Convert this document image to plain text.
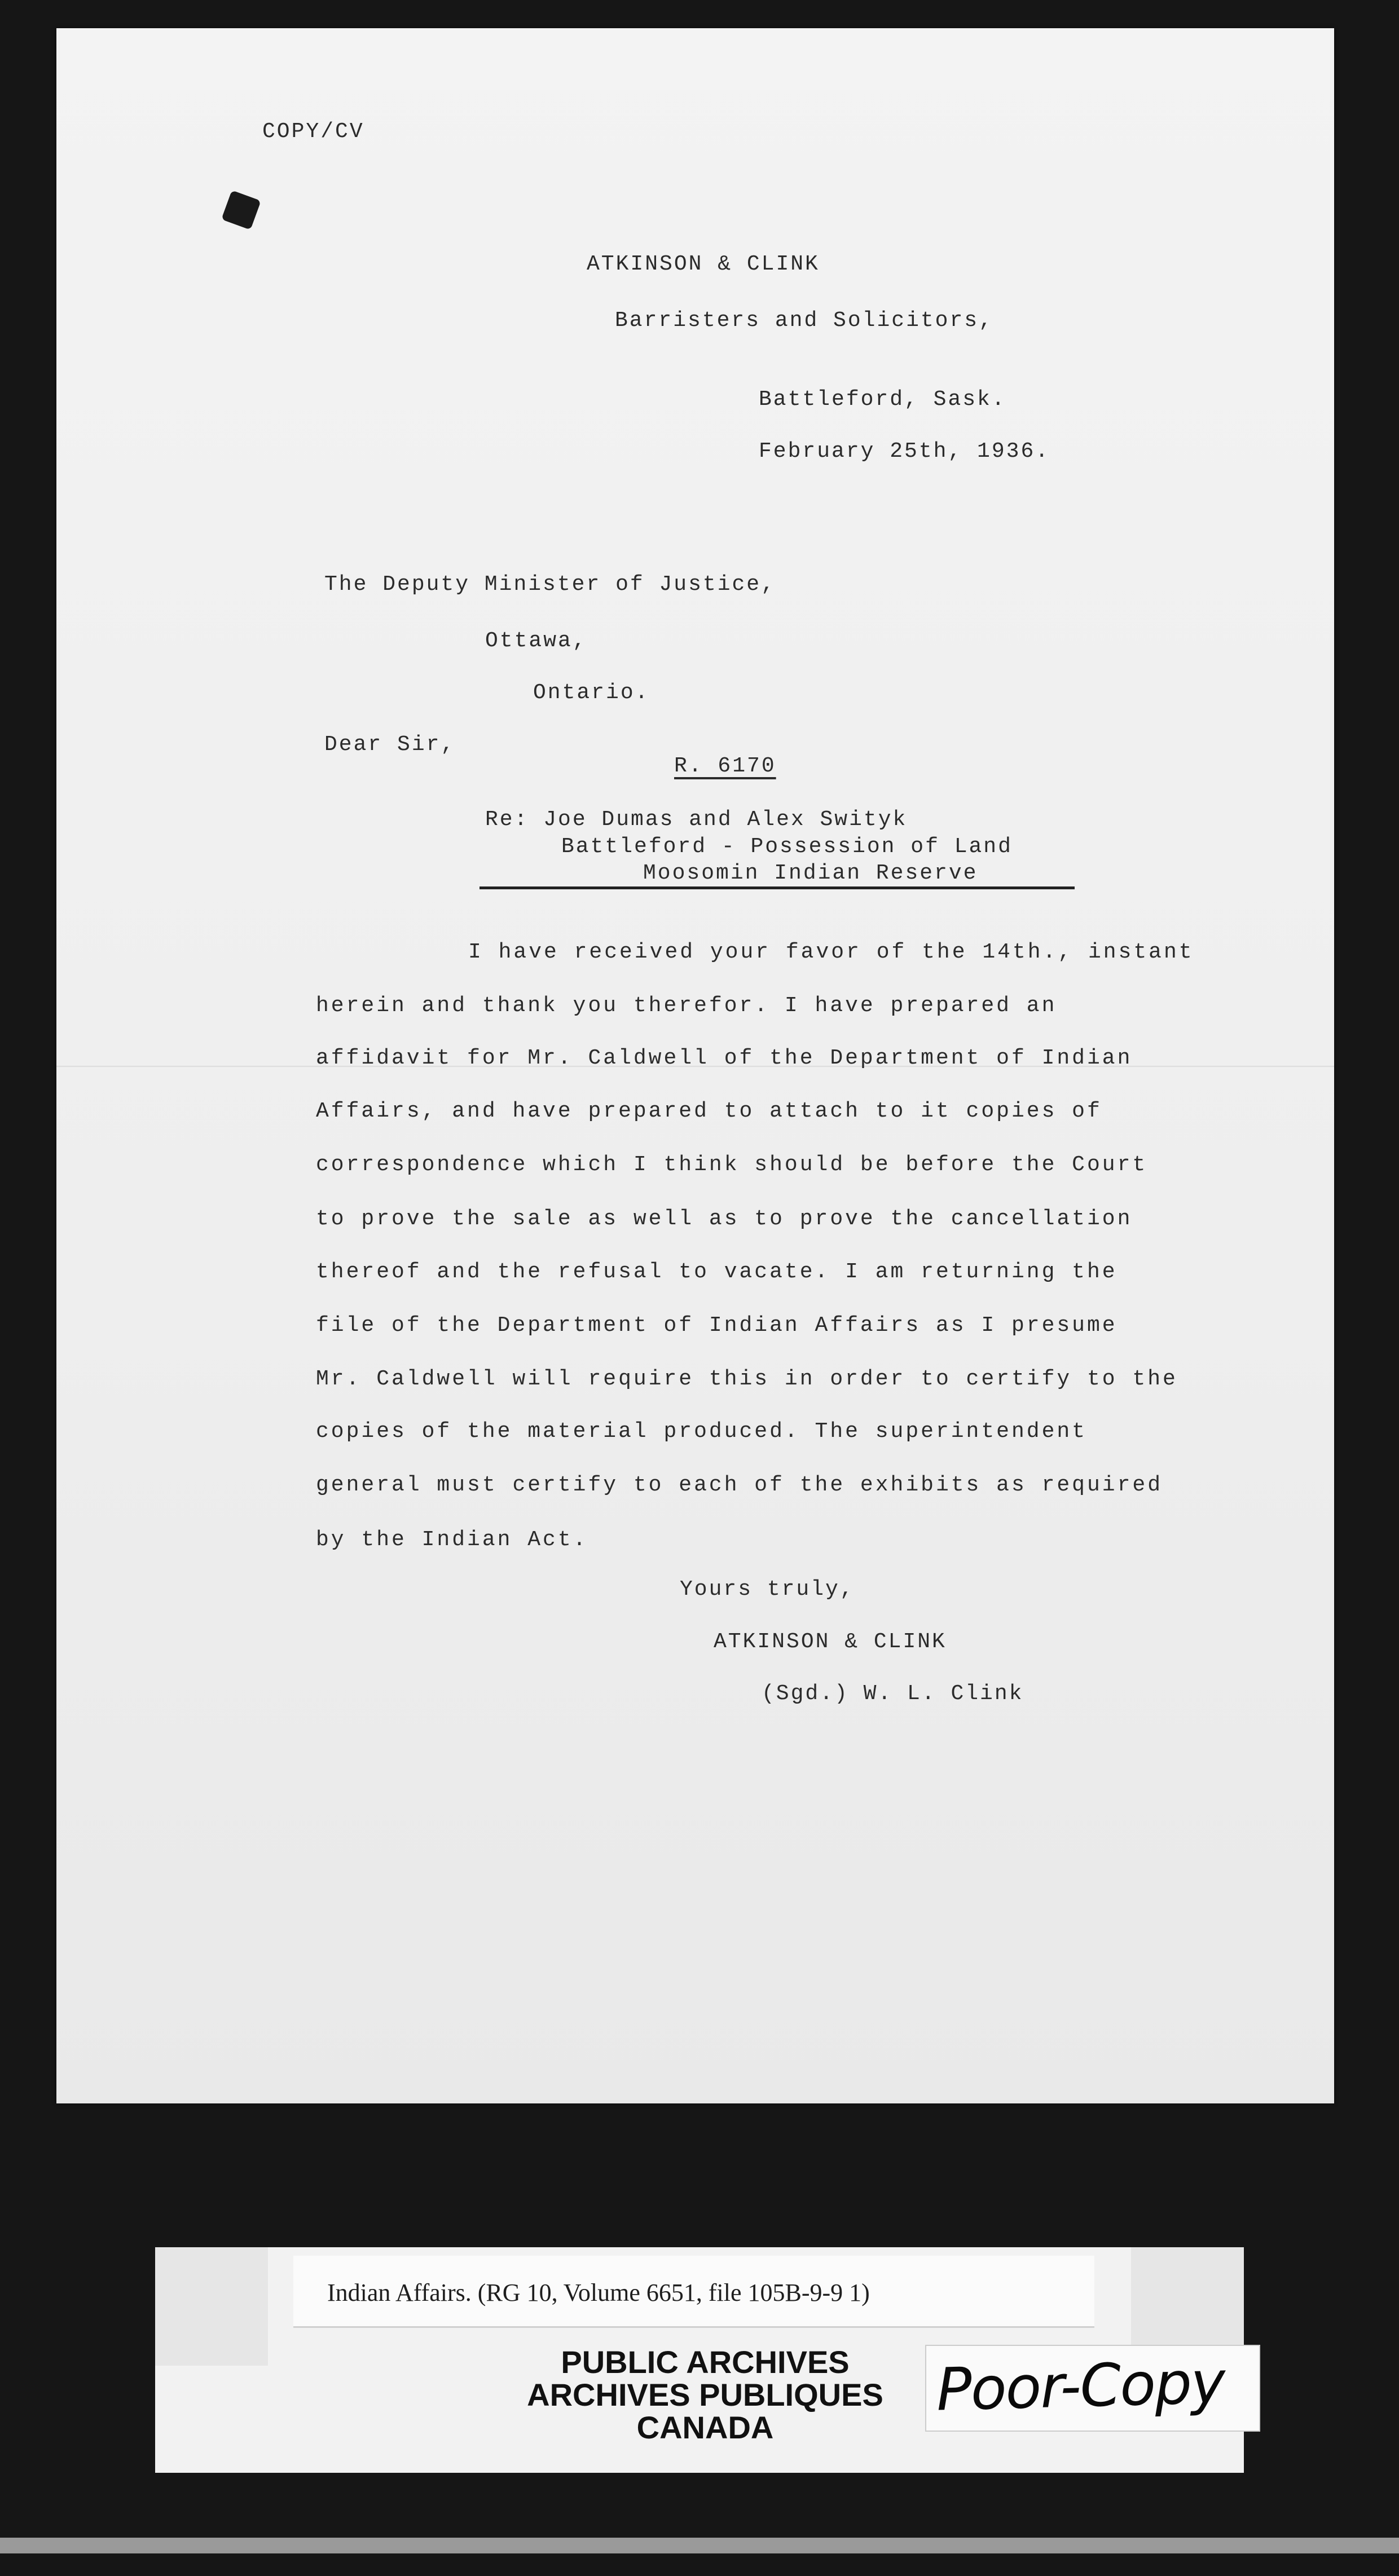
COPY/CV
ATKINSON & CLINK
Barristers and Solicitors,
Battleford, Sask.
February 25th, 1936.
The Deputy Minister of Justice,
Ottawa,
Ontario.
Dear Sir,
R. 6170
Re: Joe Dumas and Alex Swityk
Battleford - Possession of Land
Moosomin Indian Reserve
I have received your favor of the 14th., instant
herein and thank you therefor. I have prepared an
affidavit for Mr. Caldwell of the Department of Indian
Affairs, and have prepared to attach to it copies of
correspondence which I think should be before the Court
to prove the sale as well as to prove the cancellation
thereof and the refusal to vacate. I am returning the
file of the Department of Indian Affairs as I presume
Mr. Caldwell will require this in order to certify to the
copies of the material produced. The superintendent
general must certify to each of the exhibits as required
by the Indian Act.
Yours truly,
ATKINSON & CLINK
(Sgd.) W. L. Clink
Indian Affairs. (RG 10, Volume 6651, file 105B-9-9 1)
PUBLIC ARCHIVES
ARCHIVES PUBLIQUES
CANADA
Poor-Copy
